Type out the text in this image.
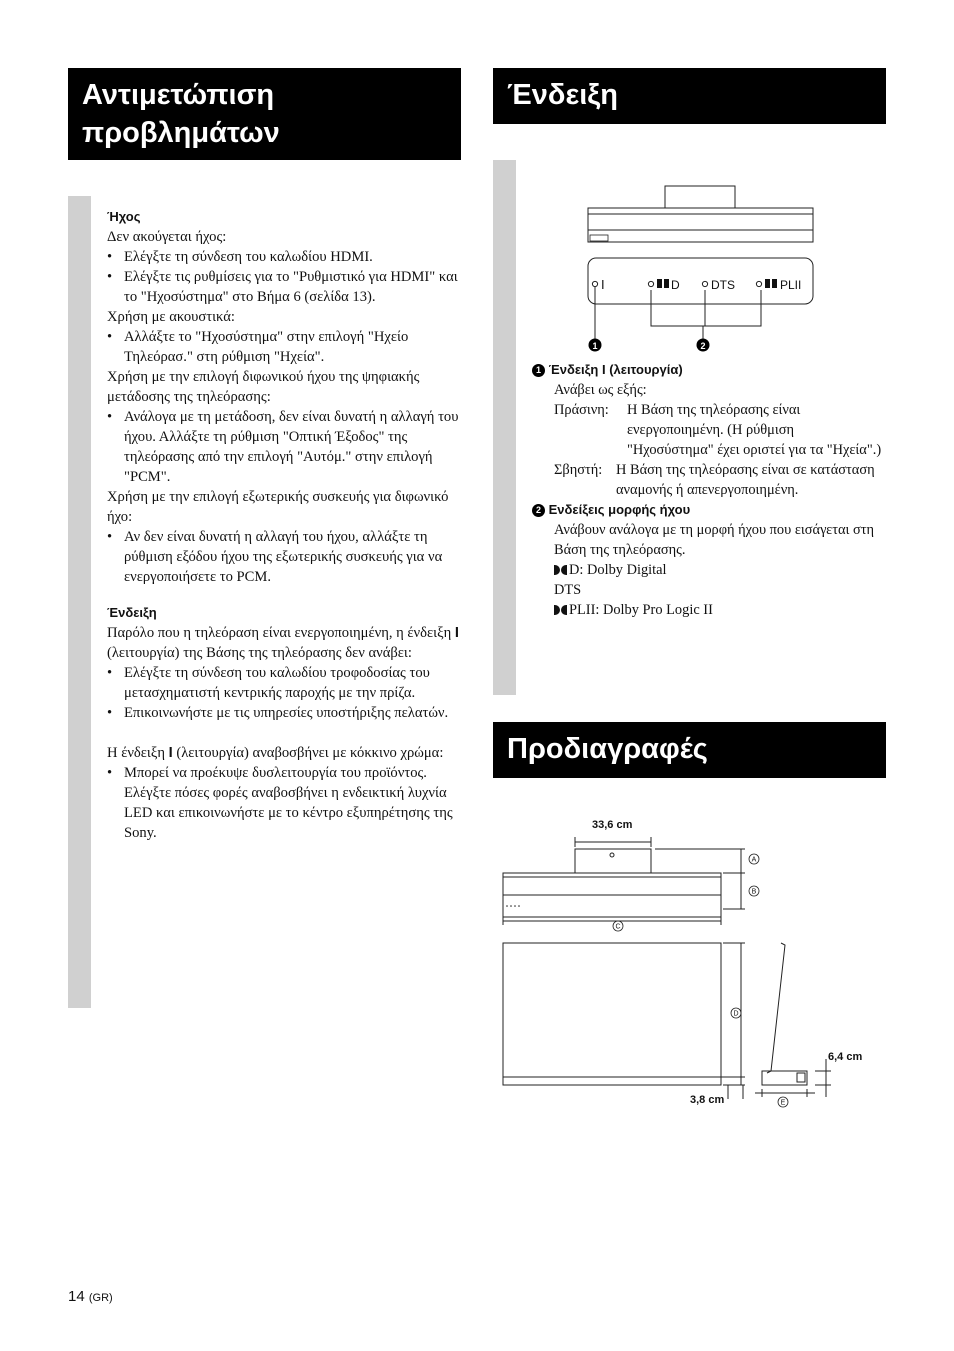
Αντιμετώπιση
προβλημάτων

Ήχος

Δεν ακούγεται ήχος:

• Ελέγξτε τη σύνδεση του καλωδίου HDMI.
• Ελέγξτε τις ρυθμίσεις για το "Ρυθμιστικό για HDMI" και το "Ηχοσύστημα" στο Βήμα 6 (σελίδα 13).

Χρήση με ακουστικά:

• Αλλάξτε το "Ηχοσύστημα" στην επιλογή "Ηχείο Τηλεόρασ." στη ρύθμιση "Ηχεία".

Χρήση με την επιλογή διφωνικού ήχου της ψηφιακής μετάδοσης της τηλεόρασης:

• Ανάλογα με τη μετάδοση, δεν είναι δυνατή η αλλαγή του ήχου. Αλλάξτε τη ρύθμιση "Οπτική Έξοδος" της τηλεόρασης από την επιλογή "Αυτόμ." στην επιλογή "PCM".

Χρήση με την επιλογή εξωτερικής συσκευής για διφωνικό ήχο:

• Αν δεν είναι δυνατή η αλλαγή του ήχου, αλλάξτε τη ρύθμιση εξόδου ήχου της εξωτερικής συσκευής για να ενεργοποιήσετε το PCM.

Ένδειξη

Παρόλο που η τηλεόραση είναι ενεργοποιημένη, η ένδειξη I (λειτουργία) της Βάσης της τηλεόρασης δεν ανάβει:

• Ελέγξτε τη σύνδεση του καλωδίου τροφοδοσίας του μετασχηματιστή κεντρικής παροχής με την πρίζα.
• Επικοινωνήστε με τις υπηρεσίες υποστήριξης πελατών.

Η ένδειξη I (λειτουργία) αναβοσβήνει με κόκκινο χρώμα:

• Μπορεί να προέκυψε δυσλειτουργία του προϊόντος. Ελέγξτε πόσες φορές αναβοσβήνει η ενδεικτική λυχνία LED και επικοινωνήστε με το κέντρο εξυπηρέτησης της Sony.
Ένδειξη
I	D	DTS	PLII
1	2

1 Ένδειξη I (λειτουργία)

Ανάβει ως εξής:

Πράσινη:	Η Βάση της τηλεόρασης είναι ενεργοποιημένη. (Η ρύθμιση "Ηχοσύστημα" έχει οριστεί για τα "Ηχεία".)
Σβηστή: Η Βάση της τηλεόρασης είναι σε κατάσταση αναμονής ή απενεργοποιημένη.

2 Ενδείξεις μορφής ήχου

Ανάβουν ανάλογα με τη μορφή ήχου που εισάγεται στη Βάση της τηλεόρασης.

D: Dolby Digital

DTS

PLII: Dolby Pro Logic II

Προδιαγραφές
A
B
C
D
E
33,6 cm
6,4 cm
3,8 cm
14 (GR)
